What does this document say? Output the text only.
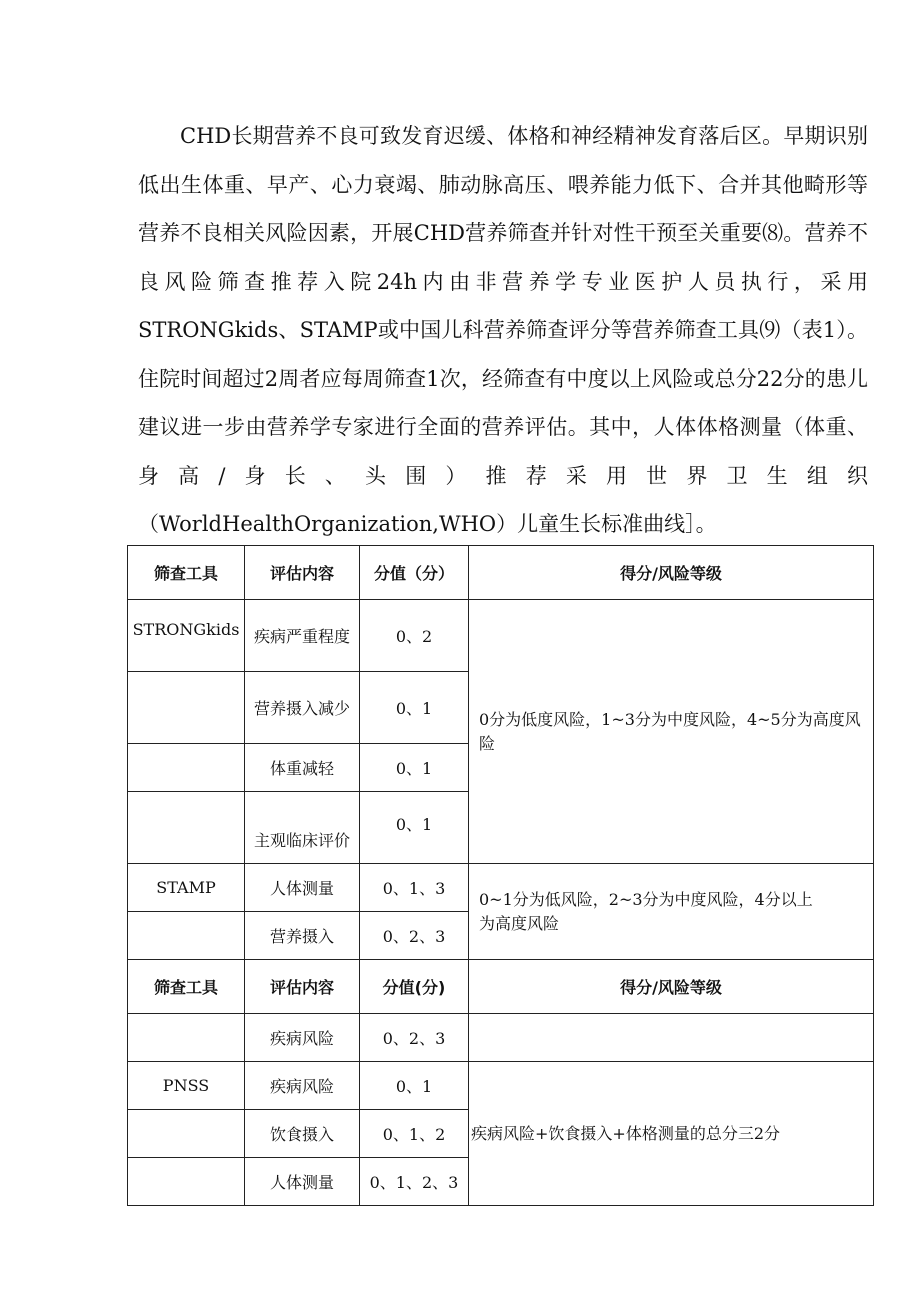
CHD长期营养不良可致发育迟缓、体格和神经精神发育落后区。早期识别低出生体重、早产、心力衰竭、肺动脉高压、喂养能力低下、合并其他畸形等营养不良相关风险因素，开展CHD营养筛查并针对性干预至关重要⑻。营养不良风险筛查推荐入院24h内由非营养学专业医护人员执行，采用STRONGkids、STAMP或中国儿科营养筛查评分等营养筛查工具⑼（表1）。住院时间超过2周者应每周筛查1次，经筛查有中度以上风险或总分22分的患儿建议进一步由营养学专家进行全面的营养评估。其中，人体体格测量（体重、身高/身长、头围）推荐采用世界卫生组织（WorldHealthOrganization,WHO）儿童生长标准曲线］。

筛查工具	评估内容	分值（分）	得分/风险等级
STRONGkids	疾病严重程度	0、2	0分为低度风险，1~3分为中度风险，4~5分为高度风险
	营养摄入减少	0、1	
	体重减轻	0、1	
	主观临床评价	0、1	
STAMP	人体测量	0、1、3	0~1分为低风险，2~3分为中度风险，4分以上
为高度风险

	营养摄入	0、2、3	
筛查工具	评估内容	分值(分)	得分/风险等级
	疾病风险	0、2、3	
PNSS	疾病风险	0、1	疾病风险+饮食摄入+体格测量的总分三2分
	饮食摄入	0、1、2	
	人体测量	0、1、2、3	
